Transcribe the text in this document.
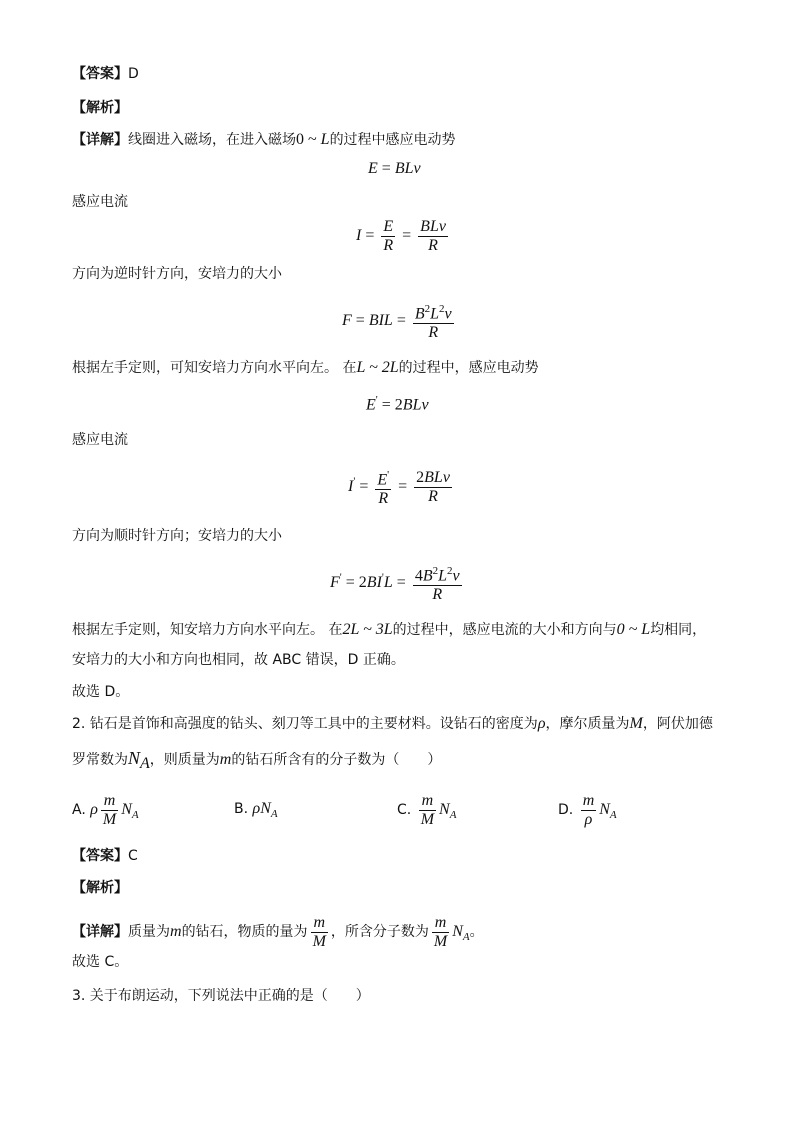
【答案】D
【解析】
【详解】线圈进入磁场，在进入磁场0 ~ L的过程中感应电动势
E = BLv
感应电流
$I = \frac{E}{R} = \frac{\text{BLv}}{R}$
方向为逆时针方向，安培力的大小
F = BIL = $\frac{B^2L^2v}{R}$
根据左手定则，可知安培力方向水平向左。 在L ~ 2L的过程中，感应电动势
E' = 2BLv
感应电流
$I' = \frac{E'}{R} = \frac{\text{2BLv}}{R}$
方向为顺时针方向；安培力的大小
$F' = 2BI'L = \frac{4B^2L^2v}{R}$
根据左手定则，知安培力方向水平向左。 在2L ~ 3L的过程中，感应电流的大小和方向与0 ~ L均相同，
安培力的大小和方向也相同，故 ABC 错误，D 正确。
故选 D。
2. 钻石是首饰和高强度的钻头、刻刀等工具中的主要材料。设钻石的密度为ρ，摩尔质量为M，阿伏加德
罗常数为$N_A$，则质量为m的钻石所含有的分子数为（　　）
A. ρ $\frac{m}{M} N_A$	B. $\rho N_A$	C. $\frac{m}{M} N_A$	D. $\frac{m}{\rho} N_A$
【答案】C
【解析】
【详解】质量为m的钻石，物质的量为 $\frac{m}{M}$ ，所含分子数为 $\frac{m}{M} N_A$。
故选 C。
3. 关于布朗运动，下列说法中正确的是（　　）
